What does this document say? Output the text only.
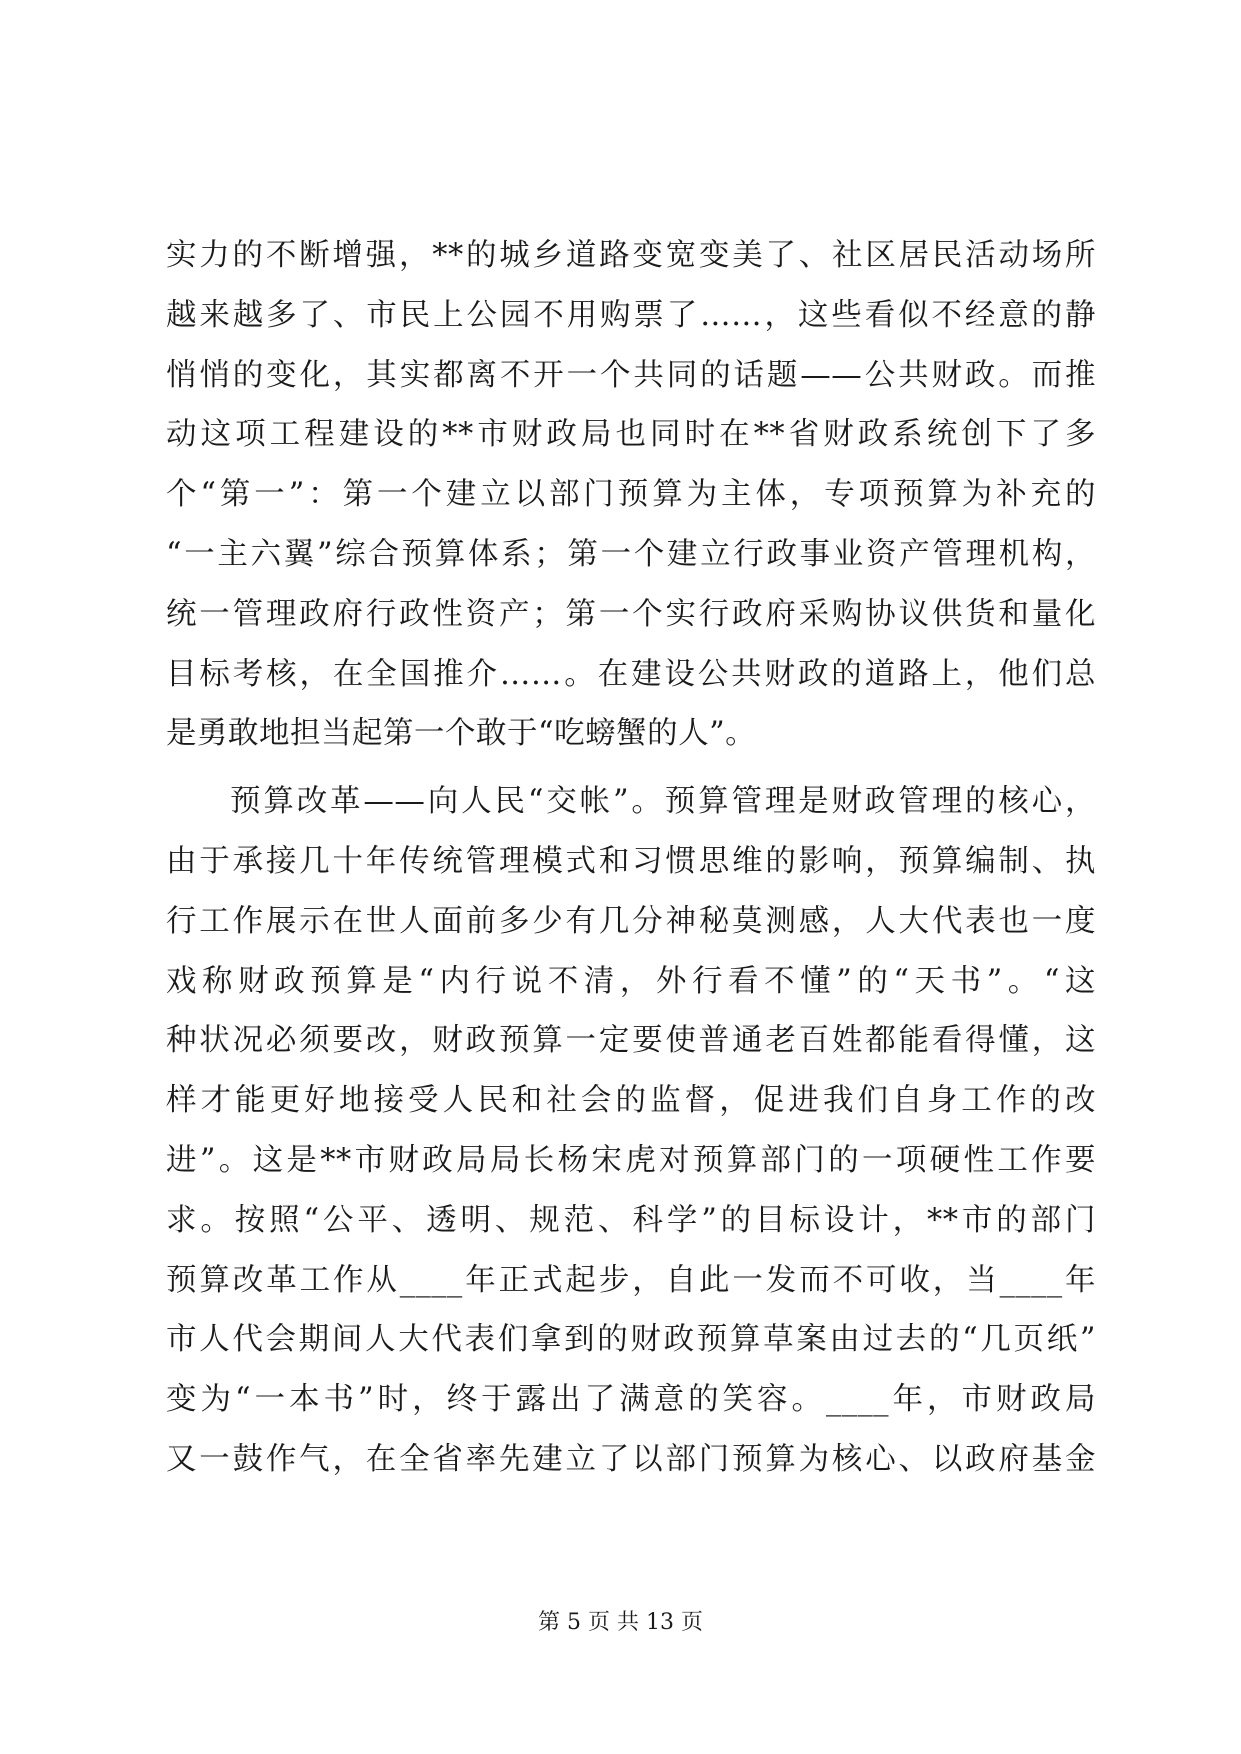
实力的不断增强，**的城乡道路变宽变美了、社区居民活动场所
越来越多了、市民上公园不用购票了……，这些看似不经意的静
悄悄的变化，其实都离不开一个共同的话题——公共财政。而推
动这项工程建设的**市财政局也同时在**省财政系统创下了多
个“第一”：第一个建立以部门预算为主体，专项预算为补充的
“一主六翼”综合预算体系；第一个建立行政事业资产管理机构，
统一管理政府行政性资产；第一个实行政府采购协议供货和量化
目标考核，在全国推介……。在建设公共财政的道路上，他们总
是勇敢地担当起第一个敢于“吃螃蟹的人”。
预算改革——向人民“交帐”。预算管理是财政管理的核心，
由于承接几十年传统管理模式和习惯思维的影响，预算编制、执
行工作展示在世人面前多少有几分神秘莫测感，人大代表也一度
戏称财政预算是“内行说不清，外行看不懂”的“天书”。“这
种状况必须要改，财政预算一定要使普通老百姓都能看得懂，这
样才能更好地接受人民和社会的监督，促进我们自身工作的改
进”。这是**市财政局局长杨宋虎对预算部门的一项硬性工作要
求。按照“公平、透明、规范、科学”的目标设计，**市的部门
预算改革工作从____年正式起步，自此一发而不可收，当____年
市人代会期间人大代表们拿到的财政预算草案由过去的“几页纸”
变为“一本书”时，终于露出了满意的笑容。____年，市财政局
又一鼓作气，在全省率先建立了以部门预算为核心、以政府基金
第 5 页 共 13 页
